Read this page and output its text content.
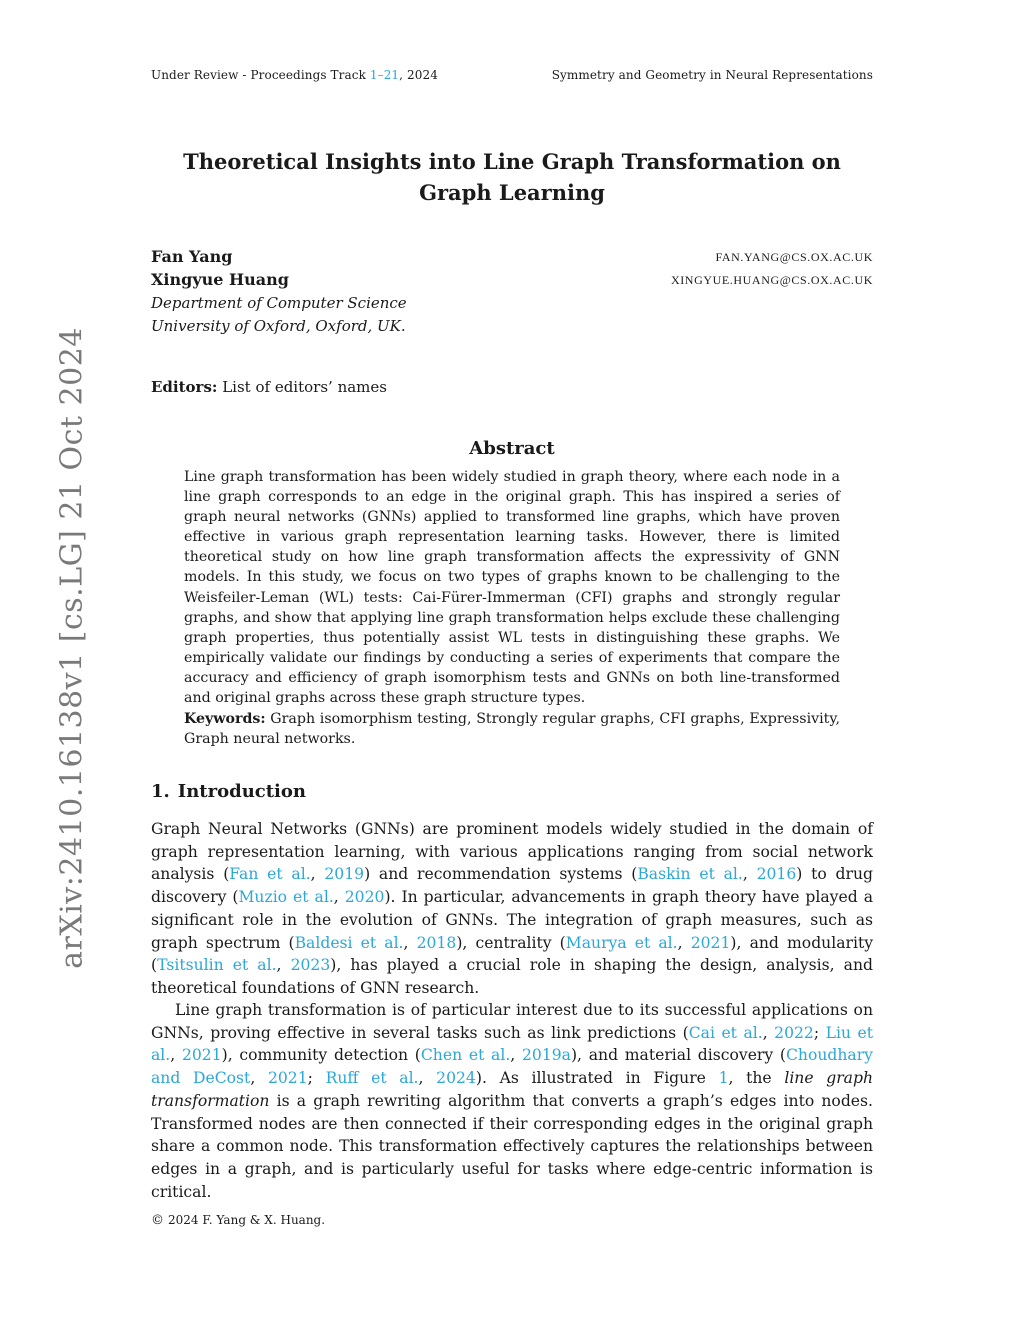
Under Review - Proceedings Track 1–21, 2024	Symmetry and Geometry in Neural Representations
arXiv:2410.16138v1 [cs.LG] 21 Oct 2024
Theoretical Insights into Line Graph Transformation on
Graph Learning
Fan Yang	FAN.YANG@CS.OX.AC.UK
Xingyue Huang	XINGYUE.HUANG@CS.OX.AC.UK
Department of Computer Science
University of Oxford, Oxford, UK.
Editors: List of editors’ names
Abstract
Line graph transformation has been widely studied in graph theory, where each node in a line graph corresponds to an edge in the original graph. This has inspired a series of graph neural networks (GNNs) applied to transformed line graphs, which have proven effective in various graph representation learning tasks. However, there is limited theoretical study on how line graph transformation affects the expressivity of GNN models. In this study, we focus on two types of graphs known to be challenging to the Weisfeiler-Leman (WL) tests: Cai-Fürer-Immerman (CFI) graphs and strongly regular graphs, and show that applying line graph transformation helps exclude these challenging graph properties, thus potentially assist WL tests in distinguishing these graphs. We empirically validate our findings by conducting a series of experiments that compare the accuracy and efficiency of graph isomorphism tests and GNNs on both line-transformed and original graphs across these graph structure types.
Keywords: Graph isomorphism testing, Strongly regular graphs, CFI graphs, Expressivity, Graph neural networks.
1. Introduction

Graph Neural Networks (GNNs) are prominent models widely studied in the domain of graph representation learning, with various applications ranging from social network analysis (Fan et al., 2019) and recommendation systems (Baskin et al., 2016) to drug discovery (Muzio et al., 2020). In particular, advancements in graph theory have played a significant role in the evolution of GNNs. The integration of graph measures, such as graph spectrum (Baldesi et al., 2018), centrality (Maurya et al., 2021), and modularity (Tsitsulin et al., 2023), has played a crucial role in shaping the design, analysis, and theoretical foundations of GNN research.

Line graph transformation is of particular interest due to its successful applications on GNNs, proving effective in several tasks such as link predictions (Cai et al., 2022; Liu et al., 2021), community detection (Chen et al., 2019a), and material discovery (Choudhary and DeCost, 2021; Ruff et al., 2024). As illustrated in Figure 1, the line graph transformation is a graph rewriting algorithm that converts a graph’s edges into nodes. Transformed nodes are then connected if their corresponding edges in the original graph share a common node. This transformation effectively captures the relationships between edges in a graph, and is particularly useful for tasks where edge-centric information is critical.

© 2024 F. Yang & X. Huang.
